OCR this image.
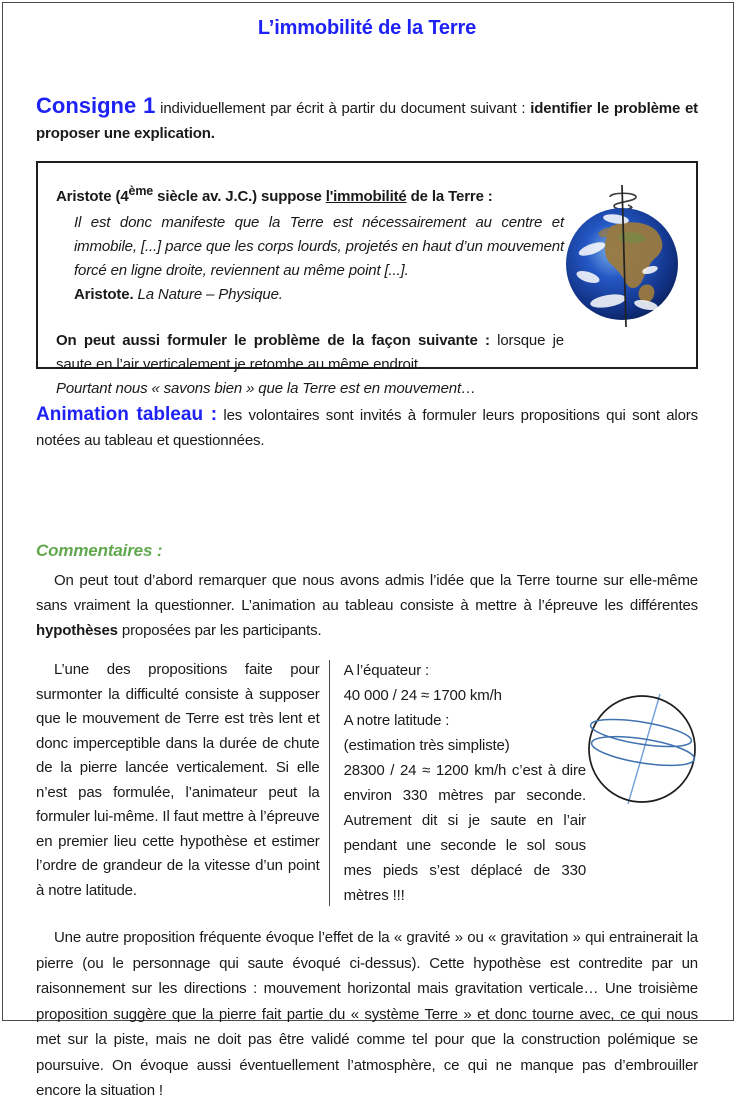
L’immobilité de la Terre

Consigne 1 individuellement par écrit à partir du document suivant : identifier le problème et proposer une explication.

Aristote (4ème siècle av. J.C.) suppose l'immobilité de la Terre :

Il est donc manifeste que la Terre est nécessairement au centre et immobile, [...] parce que les corps lourds, projetés en haut d’un mouvement forcé en ligne droite, reviennent au même point [...].

Aristote. La Nature – Physique.

On peut aussi formuler le problème de la façon suivante : lorsque je saute en l’air verticalement je retombe au même endroit.
Pourtant nous « savons bien » que la Terre est en mouvement…

Animation tableau : les volontaires sont invités à formuler leurs propositions qui sont alors notées au tableau et questionnées.

Commentaires :

On peut tout d’abord remarquer que nous avons admis l’idée que la Terre tourne sur elle-même sans vraiment la questionner. L’animation au tableau consiste à mettre à l’épreuve les différentes hypothèses proposées par les participants.

L’une des propositions faite pour surmonter la difficulté consiste à supposer que le mouvement de Terre est très lent et donc imperceptible dans la durée de chute de la pierre lancée verticalement. Si elle n’est pas formulée, l’animateur peut la formuler lui-même. Il faut mettre à l’épreuve en premier lieu cette hypothèse et estimer l’ordre de grandeur de la vitesse d’un point à notre latitude.
A l’équateur :
40 000 / 24 ≈ 1700 km/h
A notre latitude :
(estimation très simpliste)
28300 / 24 ≈ 1200 km/h c’est à dire environ 330 mètres par seconde. Autrement dit si je saute en l’air pendant une seconde le sol sous mes pieds s’est déplacé de 330 mètres !!!

Une autre proposition fréquente évoque l’effet de la « gravité » ou « gravitation » qui entrainerait la pierre (ou le personnage qui saute évoqué ci-dessus). Cette hypothèse est contredite par un raisonnement sur les directions : mouvement horizontal mais gravitation verticale… Une troisième proposition suggère que la pierre fait partie du « système Terre » et donc tourne avec, ce qui nous met sur la piste, mais ne doit pas être validé comme tel pour que la construction polémique se poursuive. On évoque aussi éventuellement l’atmosphère, ce qui ne manque pas d’embrouiller encore la situation !
